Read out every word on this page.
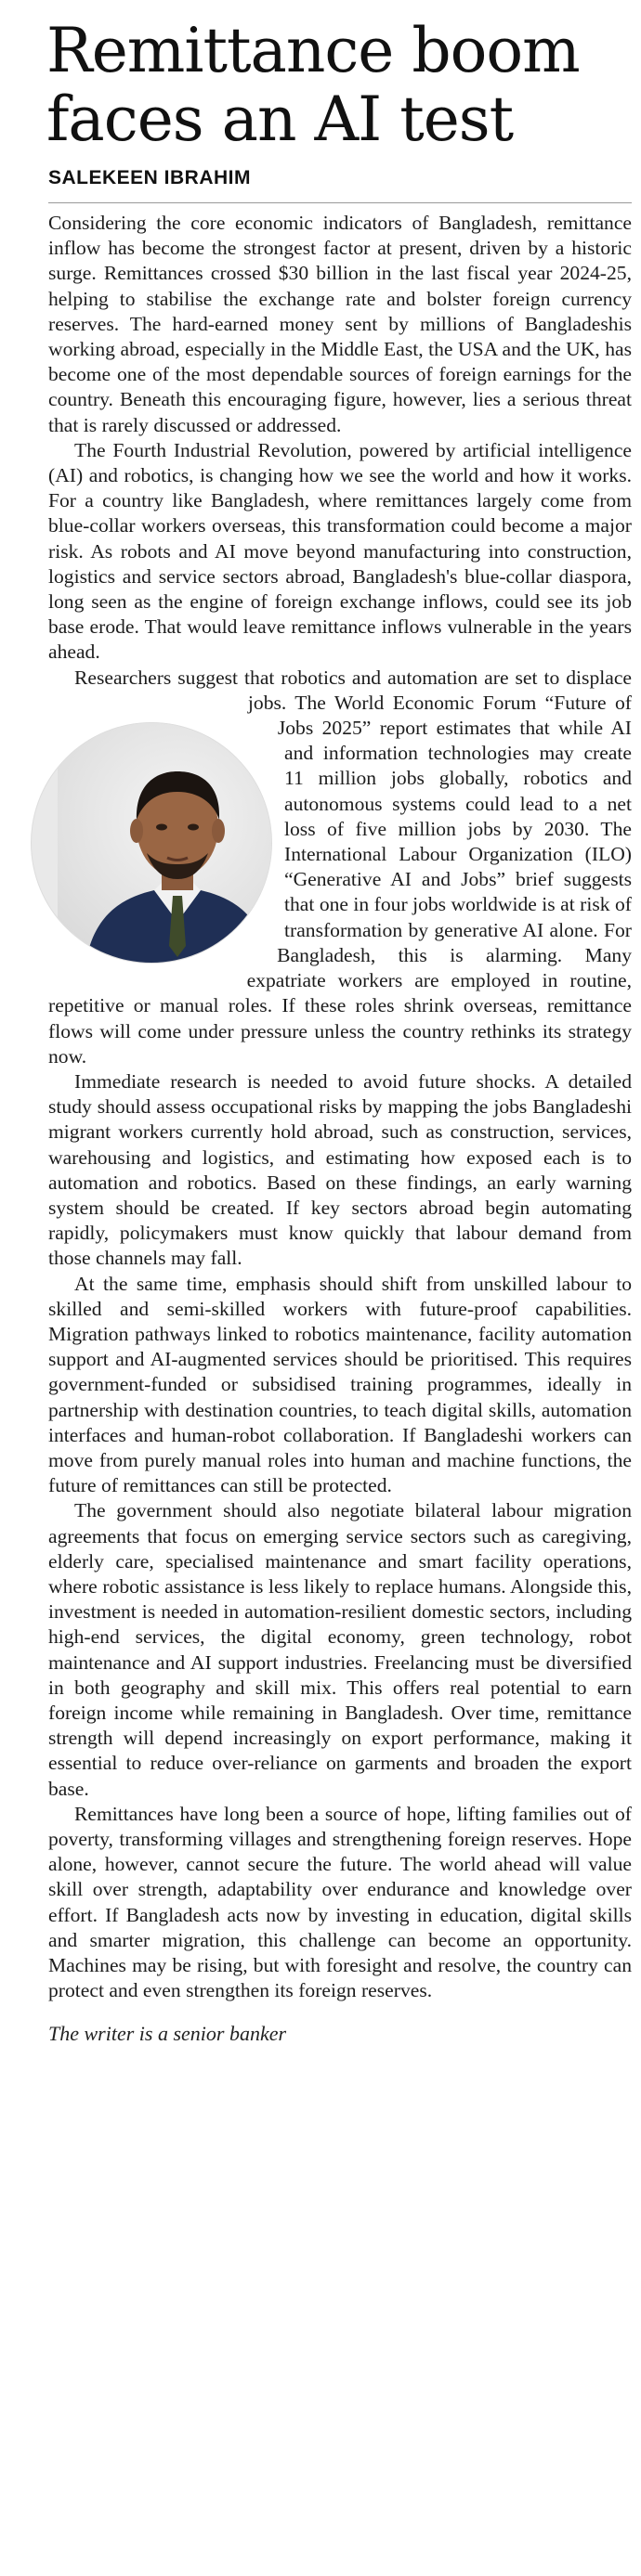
Remittance boom
faces an AI test
SALEKEEN IBRAHIM

Considering the core economic indicators of Bangladesh, remittance inflow has become the strongest factor at present, driven by a historic surge. Remittances crossed $30 billion in the last fiscal year 2024-25, helping to stabilise the exchange rate and bolster foreign currency reserves. The hard-earned money sent by millions of Bangladeshis working abroad, especially in the Middle East, the USA and the UK, has become one of the most dependable sources of foreign earnings for the country. Beneath this encouraging figure, however, lies a serious threat that is rarely discussed or addressed.

The Fourth Industrial Revolution, powered by artificial intelligence (AI) and robotics, is changing how we see the world and how it works. For a country like Bangladesh, where remittances largely come from blue-collar workers overseas, this transformation could become a major risk. As robots and AI move beyond manufacturing into construction, logistics and service sectors abroad, Bangladesh's blue-collar diaspora, long seen as the engine of foreign exchange inflows, could see its job base erode. That would leave remittance inflows vulnerable in the years ahead.

Researchers suggest that robotics and automation are set to displace jobs. The World Economic Forum “Future of Jobs 2025” report estimates that while AI and information technologies may create 11 million jobs globally, robotics and autonomous systems could lead to a net loss of five million jobs by 2030. The International Labour Organization (ILO) “Generative AI and Jobs” brief suggests that one in four jobs worldwide is at risk of transformation by generative AI alone. For Bangladesh, this is alarming. Many expatriate workers are employed in routine, repetitive or manual roles. If these roles shrink overseas, remittance flows will come under pressure unless the country rethinks its strategy now.

Immediate research is needed to avoid future shocks. A detailed study should assess occupational risks by mapping the jobs Bangladeshi migrant workers currently hold abroad, such as construction, services, warehousing and logistics, and estimating how exposed each is to automation and robotics. Based on these findings, an early warning system should be created. If key sectors abroad begin automating rapidly, policymakers must know quickly that labour demand from those channels may fall.

At the same time, emphasis should shift from unskilled labour to skilled and semi-skilled workers with future-proof capabilities. Migration pathways linked to robotics maintenance, facility automation support and AI-augmented services should be prioritised. This requires government-funded or subsidised training programmes, ideally in partnership with destination countries, to teach digital skills, automation interfaces and human-robot collaboration. If Bangladeshi workers can move from purely manual roles into human and machine functions, the future of remittances can still be protected.

The government should also negotiate bilateral labour migration agreements that focus on emerging service sectors such as caregiving, elderly care, specialised maintenance and smart facility operations, where robotic assistance is less likely to replace humans. Alongside this, investment is needed in automation-resilient domestic sectors, including high-end services, the digital economy, green technology, robot maintenance and AI support industries. Freelancing must be diversified in both geography and skill mix. This offers real potential to earn foreign income while remaining in Bangladesh. Over time, remittance strength will depend increasingly on export performance, making it essential to reduce over-reliance on garments and broaden the export base.

Remittances have long been a source of hope, lifting families out of poverty, transforming villages and strengthening foreign reserves. Hope alone, however, cannot secure the future. The world ahead will value skill over strength, adaptability over endurance and knowledge over effort. If Bangladesh acts now by investing in education, digital skills and smarter migration, this challenge can become an opportunity. Machines may be rising, but with foresight and resolve, the country can protect and even strengthen its foreign reserves.

The writer is a senior banker
